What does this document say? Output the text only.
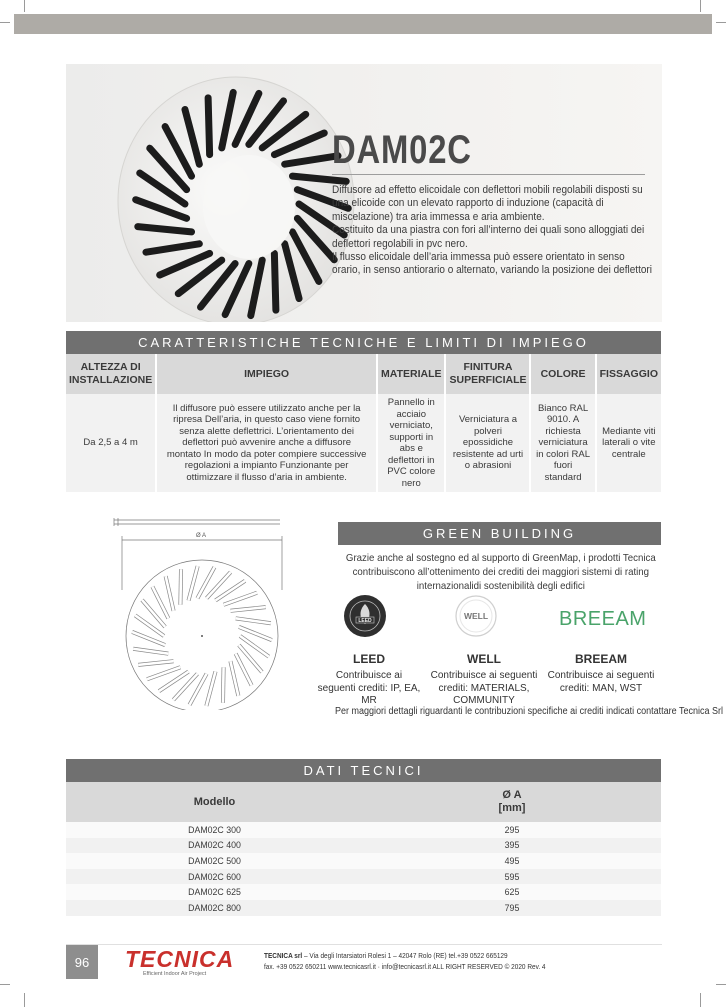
DAM02C

Diffusore ad effetto elicoidale con deflettori mobili regolabili disposti su una elicoide con un elevato rapporto di induzione (capacità di miscelazione) tra aria immessa e aria ambiente.

Costituito da una piastra con fori all’interno dei quali sono alloggiati dei deflettori regolabili in pvc nero.

Il flusso elicoidale dell’aria immessa può essere orientato in senso orario, in senso antiorario o alternato, variando la posizione dei deflettori

CARATTERISTICHE TECNICHE E LIMITI DI IMPIEGO
ALTEZZA DI INSTALLAZIONE	IMPIEGO	MATERIALE	FINITURA SUPERFICIALE	COLORE	FISSAGGIO
Da 2,5 a 4 m	Il diffusore può essere utilizzato anche per la ripresa Dell’aria, in questo caso viene fornito senza alette deflettrici. L’orientamento dei deflettori può avvenire anche a diffusore montato In modo da poter compiere successive regolazioni a impianto Funzionante per ottimizzare il flusso d’aria in ambiente.	Pannello in acciaio verniciato, supporti in abs e deflettori in PVC colore nero	Verniciatura a polveri epossidiche resistente ad urti o abrasioni	Bianco RAL 9010. A richiesta verniciatura in colori RAL fuori standard	Mediante viti laterali o vite centrale
Ø A	GREEN BUILDING
Grazie anche al sostegno ed al supporto di GreenMap, i prodotti Tecnica contribuiscono all’ottenimento dei crediti dei maggiori sistemi di rating internazionalidi sostenibilità degli edifici
LEED	WELL	BREEAM
LEED
Contribuisce ai seguenti crediti: IP, EA, MR
WELL
Contribuisce ai seguenti crediti: MATERIALS, COMMUNITY
BREEAM
Contribuisce ai seguenti crediti: MAN, WST
Per maggiori dettagli riguardanti le contribuzioni specifiche ai crediti indicati contattare Tecnica Srl
DATI TECNICI
Modello	Ø A
[mm]

DAM02C 300	295
DAM02C 400	395
DAM02C 500	495
DAM02C 600	595
DAM02C 625	625
DAM02C 800	795
96	TECNICA
Efficient Indoor Air Project
TECNICA srl – Via degli Intarsiatori Rolesi 1 – 42047 Rolo (RE) tel.+39 0522 665129
fax. +39 0522 650211 www.tecnicasrl.it · info@tecnicasrl.it ALL RIGHT RESERVED © 2020 Rev. 4
